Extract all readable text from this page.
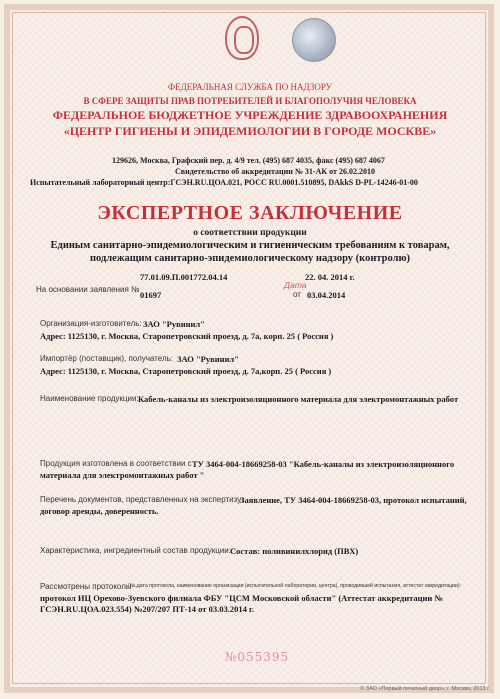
ФЕДЕРАЛЬНАЯ СЛУЖБА ПО НАДЗОРУ
В СФЕРЕ ЗАЩИТЫ ПРАВ ПОТРЕБИТЕЛЕЙ И БЛАГОПОЛУЧИЯ ЧЕЛОВЕКА
ФЕДЕРАЛЬНОЕ БЮДЖЕТНОЕ УЧРЕЖДЕНИЕ ЗДРАВООХРАНЕНИЯ
«ЦЕНТР ГИГИЕНЫ И ЭПИДЕМИОЛОГИИ В ГОРОДЕ МОСКВЕ»
129626, Москва, Графский пер. д. 4/9 тел. (495) 687 4035, факс (495) 687 4067
Свидетельство об аккредитации № 31-АК от 26.02.2010
Испытательный лабораторный центр:ГСЭН.RU.ЦОА.021, РОСС RU.0001.510895, DAkkS D-PL-14246-01-00
ЭКСПЕРТНОЕ ЗАКЛЮЧЕНИЕ
о соответствии продукции
Единым санитарно-эпидемиологическим и гигиеническим требованиям к товарам,
подлежащим санитарно-эпидемиологическому надзору (контролю)
77.01.09.П.001772.04.14	22. 04. 2014 г.
На основании заявления №
01697
Дата
от 03.04.2014
Организация-изготовитель: ЗАО "Рувинил"
Адрес: 1125130, г. Москва, Старопетровский проезд, д. 7а, корп. 25 ( Россия )
Импортёр (поставщик), получатель: ЗАО "Рувинил"
Адрес: 1125130, г. Москва, Старопетровский проезд, д. 7а,корп. 25 ( Россия )
Наименование продукции: Кабель-каналы из электроизоляционного материала для электромонтажных работ
Продукция изготовлена в соответствии с ТУ 3464-004-18669258-03 "Кабель-каналы из электроизоляционного
материала для электромонтажных работ "
Перечень документов, представленных на экспертизу:
Заявление, ТУ 3464-004-18669258-03, протокол испытаний,
договор аренды, доверенность.
Характеристика, ингредиентный состав продукции: Состав: поливинилхлорид (ПВХ)
Рассмотрены протоколы
(№,дата протокола, наименование организации (испытательной лаборатории, центра), проводившей испытания, аттестат аккредитации):
протокол ИЦ Орехово-Зуевского филиала ФБУ "ЦСМ Московской области" (Аттестат аккредитации №
ГСЭН.RU.ЦОА.023.554) №207/207 ПТ-14 от 03.03.2014 г.
№055395
© ЗАО «Первый печатный двор», г. Москва, 2013 г.
